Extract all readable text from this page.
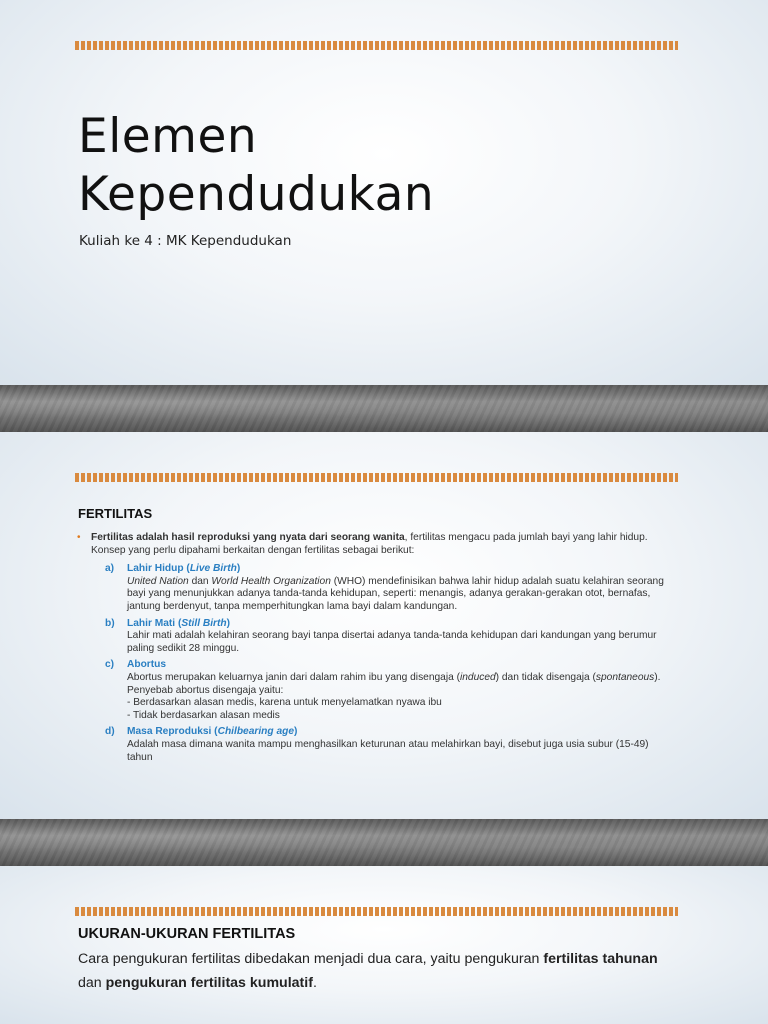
Elemen
Kependudukan
Kuliah ke 4 : MK Kependudukan
FERTILITAS
• Fertilitas adalah hasil reproduksi yang nyata dari seorang wanita, fertilitas mengacu pada jumlah bayi yang lahir hidup. Konsep yang perlu dipahami berkaitan dengan fertilitas sebagai berikut:
a) Lahir Hidup (Live Birth)
United Nation dan World Health Organization (WHO) mendefinisikan bahwa lahir hidup adalah suatu kelahiran seorang bayi yang menunjukkan adanya tanda-tanda kehidupan, seperti: menangis, adanya gerakan-gerakan otot, bernafas, jantung berdenyut, tanpa memperhitungkan lama bayi dalam kandungan.
b) Lahir Mati (Still Birth)
Lahir mati adalah kelahiran seorang bayi tanpa disertai adanya tanda-tanda kehidupan dari kandungan yang berumur paling sedikit 28 minggu.
c) Abortus
Abortus merupakan keluarnya janin dari dalam rahim ibu yang disengaja (induced) dan tidak disengaja (spontaneous).
Penyebab abortus disengaja yaitu:
- Berdasarkan alasan medis, karena untuk menyelamatkan nyawa ibu
- Tidak berdasarkan alasan medis
d) Masa Reproduksi (Chilbearing age)
Adalah masa dimana wanita mampu menghasilkan keturunan atau melahirkan bayi, disebut juga usia subur (15-49) tahun
UKURAN-UKURAN FERTILITAS
Cara pengukuran fertilitas dibedakan menjadi dua cara, yaitu pengukuran fertilitas tahunan dan pengukuran fertilitas kumulatif.
